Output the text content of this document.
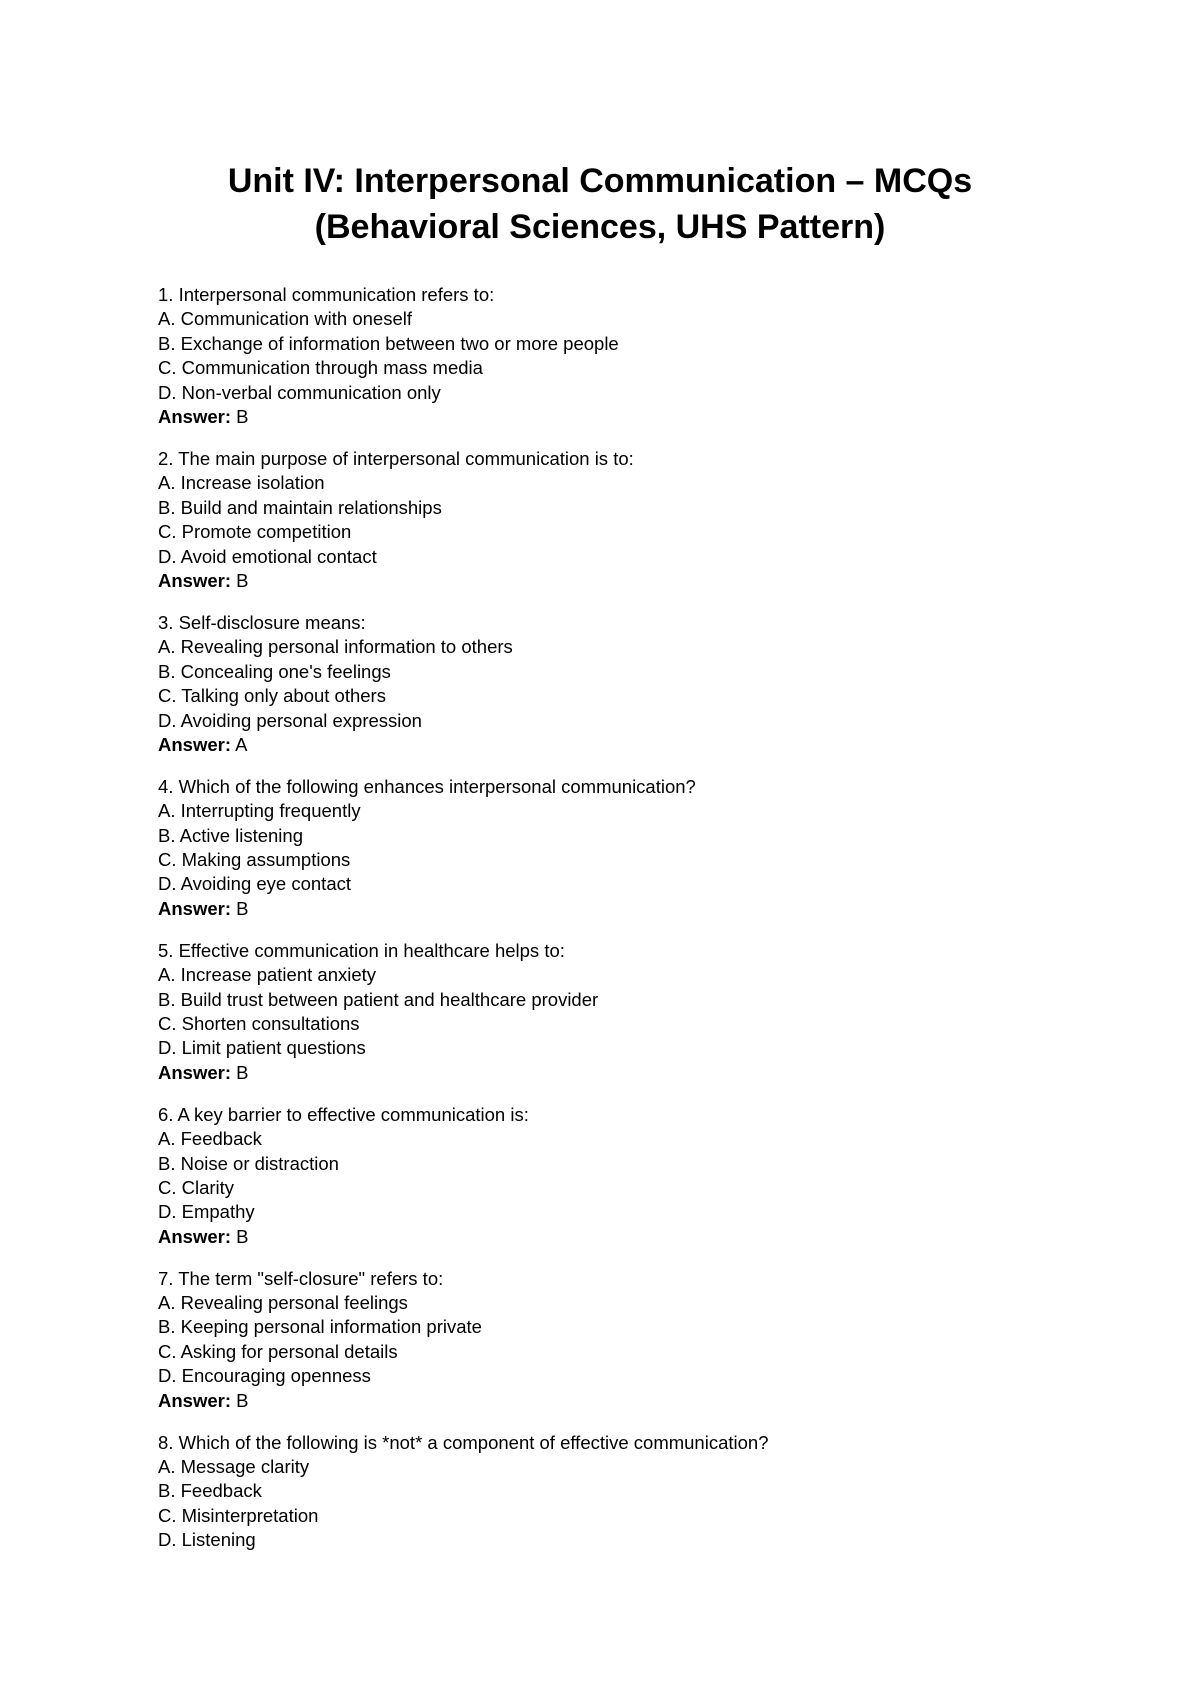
Unit IV: Interpersonal Communication – MCQs
(Behavioral Sciences, UHS Pattern)
1. Interpersonal communication refers to:
A. Communication with oneself
B. Exchange of information between two or more people
C. Communication through mass media
D. Non-verbal communication only
Answer: B
2. The main purpose of interpersonal communication is to:
A. Increase isolation
B. Build and maintain relationships
C. Promote competition
D. Avoid emotional contact
Answer: B
3. Self-disclosure means:
A. Revealing personal information to others
B. Concealing one's feelings
C. Talking only about others
D. Avoiding personal expression
Answer: A
4. Which of the following enhances interpersonal communication?
A. Interrupting frequently
B. Active listening
C. Making assumptions
D. Avoiding eye contact
Answer: B
5. Effective communication in healthcare helps to:
A. Increase patient anxiety
B. Build trust between patient and healthcare provider
C. Shorten consultations
D. Limit patient questions
Answer: B
6. A key barrier to effective communication is:
A. Feedback
B. Noise or distraction
C. Clarity
D. Empathy
Answer: B
7. The term "self-closure" refers to:
A. Revealing personal feelings
B. Keeping personal information private
C. Asking for personal details
D. Encouraging openness
Answer: B
8. Which of the following is *not* a component of effective communication?
A. Message clarity
B. Feedback
C. Misinterpretation
D. Listening
